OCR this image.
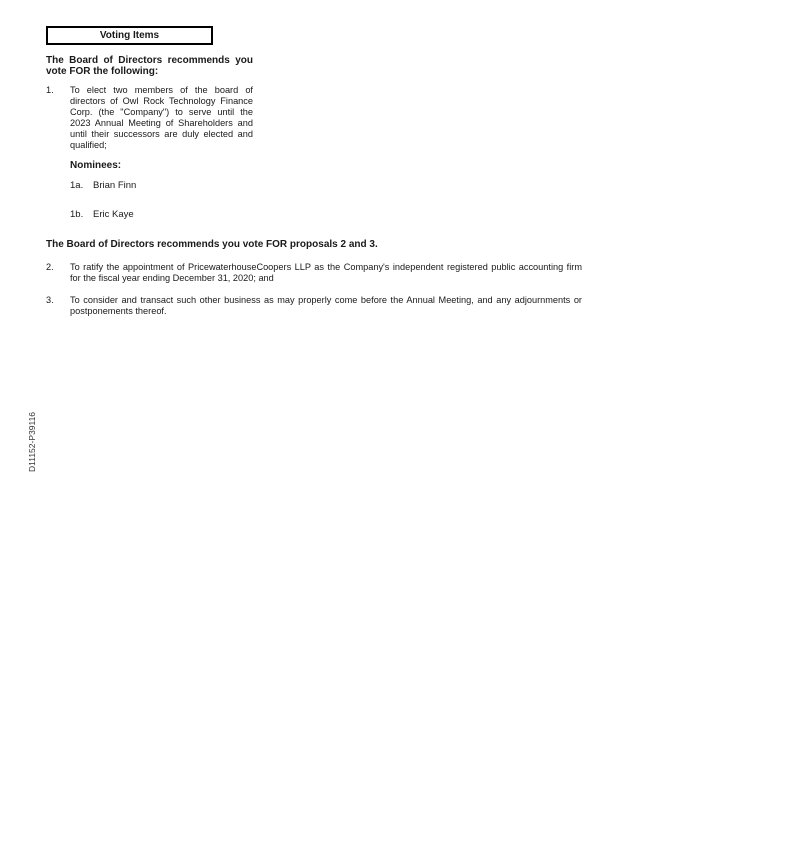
Voting Items
The Board of Directors recommends you
vote FOR the following:
1. To elect two members of the board of directors of Owl Rock Technology Finance Corp. (the "Company") to serve until the 2023 Annual Meeting of Shareholders and until their successors are duly elected and qualified;
Nominees:
1a. Brian Finn
1b. Eric Kaye
The Board of Directors recommends you vote FOR proposals 2 and 3.
2. To ratify the appointment of PricewaterhouseCoopers LLP as the Company's independent registered public accounting firm for the fiscal year ending December 31, 2020; and
3. To consider and transact such other business as may properly come before the Annual Meeting, and any adjournments or postponements thereof.
D11152-P39116
